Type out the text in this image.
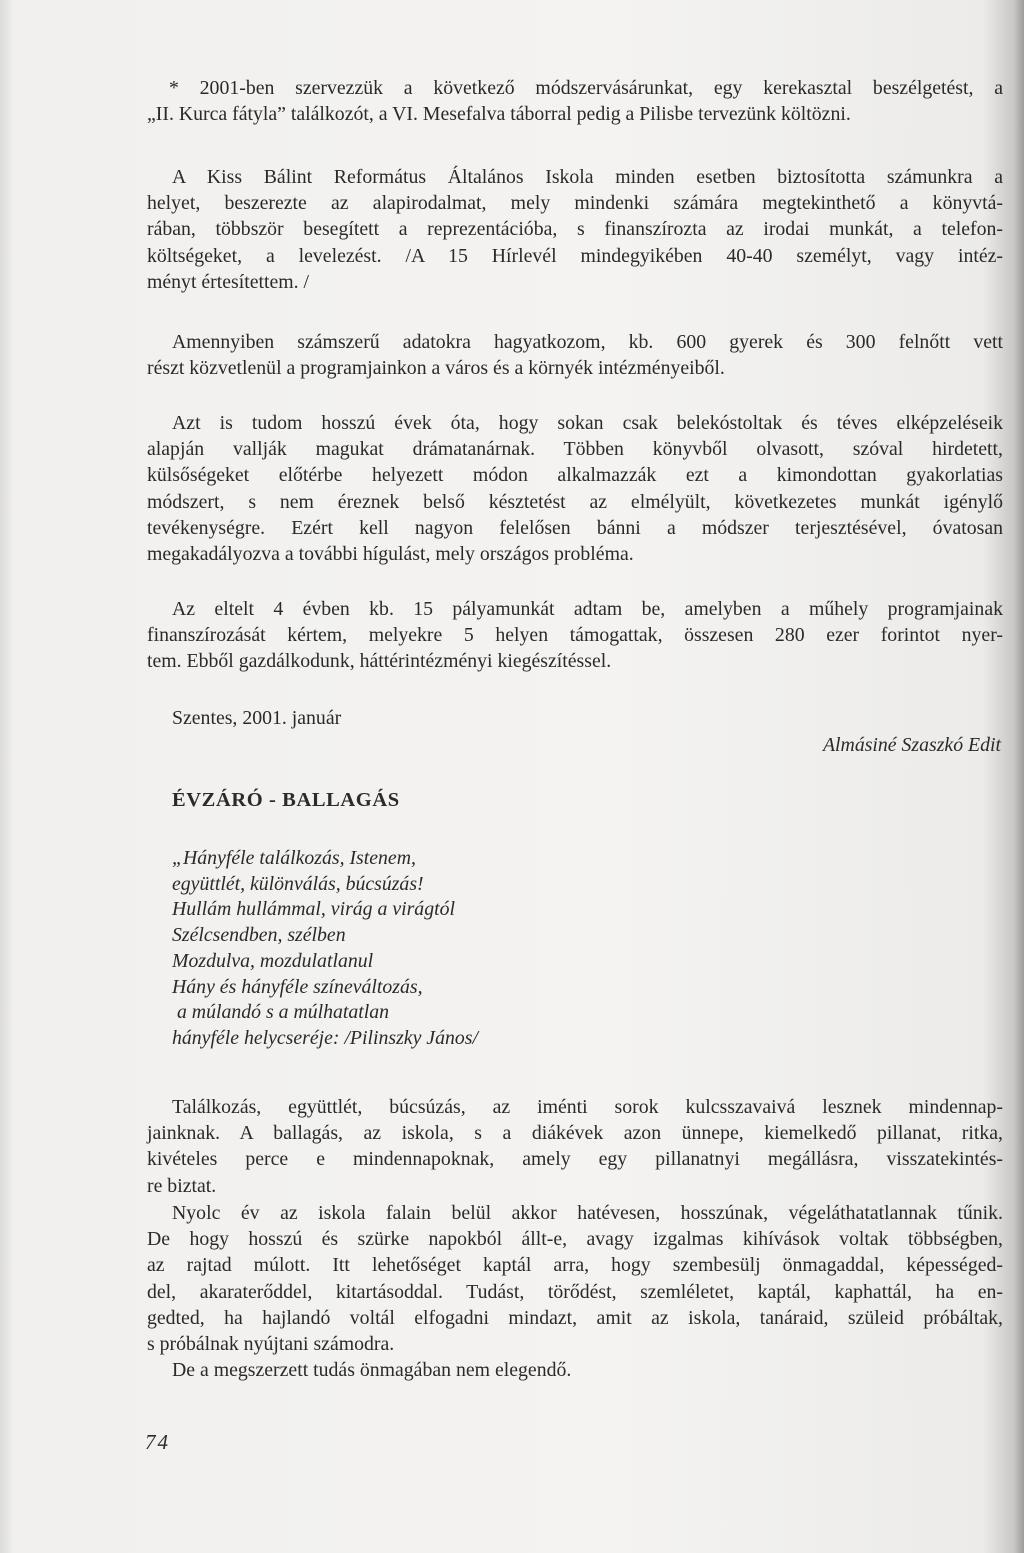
* 2001-ben szervezzük a következő módszervásárunkat, egy kerekasztal beszélgetést, a
„II. Kurca fátyla” találkozót, a VI. Mesefalva táborral pedig a Pilisbe tervezünk költözni.
A Kiss Bálint Református Általános Iskola minden esetben biztosította számunkra a
helyet, beszerezte az alapirodalmat, mely mindenki számára megtekinthető a könyvtá-
rában, többször besegített a reprezentációba, s finanszírozta az irodai munkát, a telefon-
költségeket, a levelezést. /A 15 Hírlevél mindegyikében 40-40 személyt, vagy intéz-
ményt értesítettem. /
Amennyiben számszerű adatokra hagyatkozom, kb. 600 gyerek és 300 felnőtt vett
részt közvetlenül a programjainkon a város és a környék intézményeiből.
Azt is tudom hosszú évek óta, hogy sokan csak belekóstoltak és téves elképzeléseik
alapján vallják magukat drámatanárnak. Többen könyvből olvasott, szóval hirdetett,
külsőségeket előtérbe helyezett módon alkalmazzák ezt a kimondottan gyakorlatias
módszert, s nem éreznek belső késztetést az elmélyült, következetes munkát igénylő
tevékenységre. Ezért kell nagyon felelősen bánni a módszer terjesztésével, óvatosan
megakadályozva a további hígulást, mely országos probléma.
Az eltelt 4 évben kb. 15 pályamunkát adtam be, amelyben a műhely programjainak
finanszírozását kértem, melyekre 5 helyen támogattak, összesen 280 ezer forintot nyer-
tem. Ebből gazdálkodunk, háttérintézményi kiegészítéssel.
Szentes, 2001. január
Almásiné Szaszkó Edit
ÉVZÁRÓ - BALLAGÁS
„Hányféle találkozás, Istenem,
együttlét, különválás, búcsúzás!
Hullám hullámmal, virág a virágtól
Szélcsendben, szélben
Mozdulva, mozdulatlanul
Hány és hányféle színeváltozás,
a múlandó s a múlhatatlan
hányféle helycseréje: /Pilinszky János/
Találkozás, együttlét, búcsúzás, az iménti sorok kulcsszavaivá lesznek mindennap-
jainknak. A ballagás, az iskola, s a diákévek azon ünnepe, kiemelkedő pillanat, ritka,
kivételes perce e mindennapoknak, amely egy pillanatnyi megállásra, visszatekintés-
re biztat.
Nyolc év az iskola falain belül akkor hatévesen, hosszúnak, végeláthatatlannak tűnik.
De hogy hosszú és szürke napokból állt-e, avagy izgalmas kihívások voltak többségben,
az rajtad múlott. Itt lehetőséget kaptál arra, hogy szembesülj önmagaddal, képességed-
del, akaraterőddel, kitartásoddal. Tudást, törődést, szemléletet, kaptál, kaphattál, ha en-
gedted, ha hajlandó voltál elfogadni mindazt, amit az iskola, tanáraid, szüleid próbáltak,
s próbálnak nyújtani számodra.
De a megszerzett tudás önmagában nem elegendő.
74
